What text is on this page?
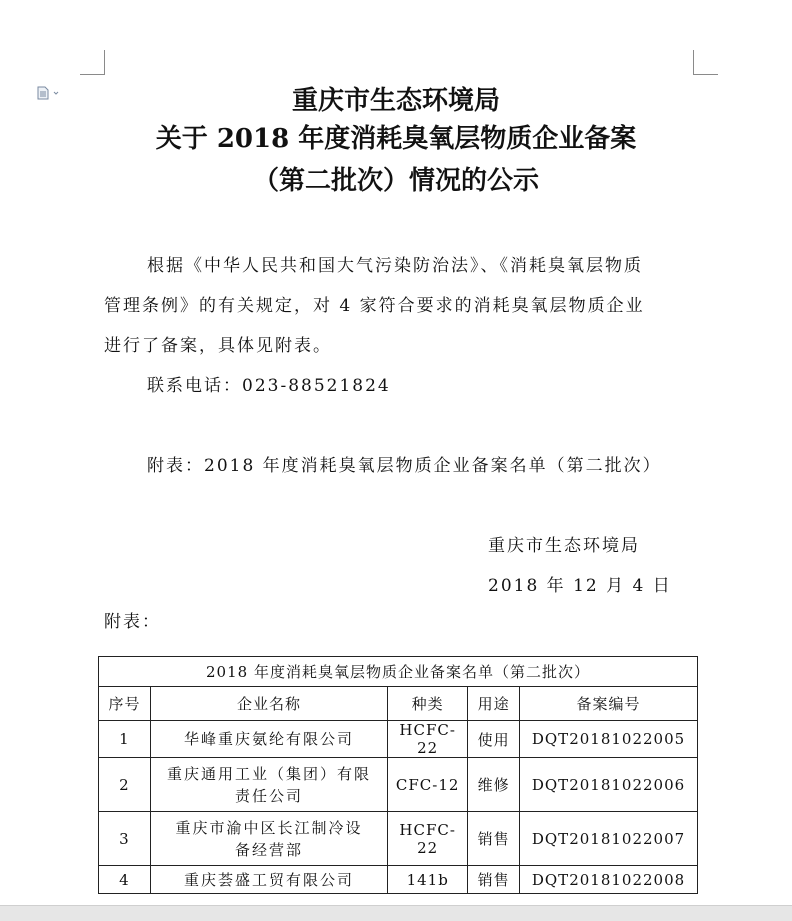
重庆市生态环境局
关于 2018 年度消耗臭氧层物质企业备案
（第二批次）情况的公示
根据《中华人民共和国大气污染防治法》、《消耗臭氧层物质
管理条例》的有关规定，对 4 家符合要求的消耗臭氧层物质企业
进行了备案，具体见附表。
联系电话：023-88521824
附表：2018 年度消耗臭氧层物质企业备案名单（第二批次）
重庆市生态环境局
2018 年 12 月 4 日
附表：
2018 年度消耗臭氧层物质企业备案名单（第二批次）				
序号	企业名称	种类	用途	备案编号
1	华峰重庆氨纶有限公司	HCFC-22	使用	DQT20181022005
2	重庆通用工业（集团）有限
责任公司	CFC-12	维修	DQT20181022006
3	重庆市渝中区长江制冷设
备经营部	HCFC-22	销售	DQT20181022007
4	重庆荟盛工贸有限公司	141b	销售	DQT20181022008
